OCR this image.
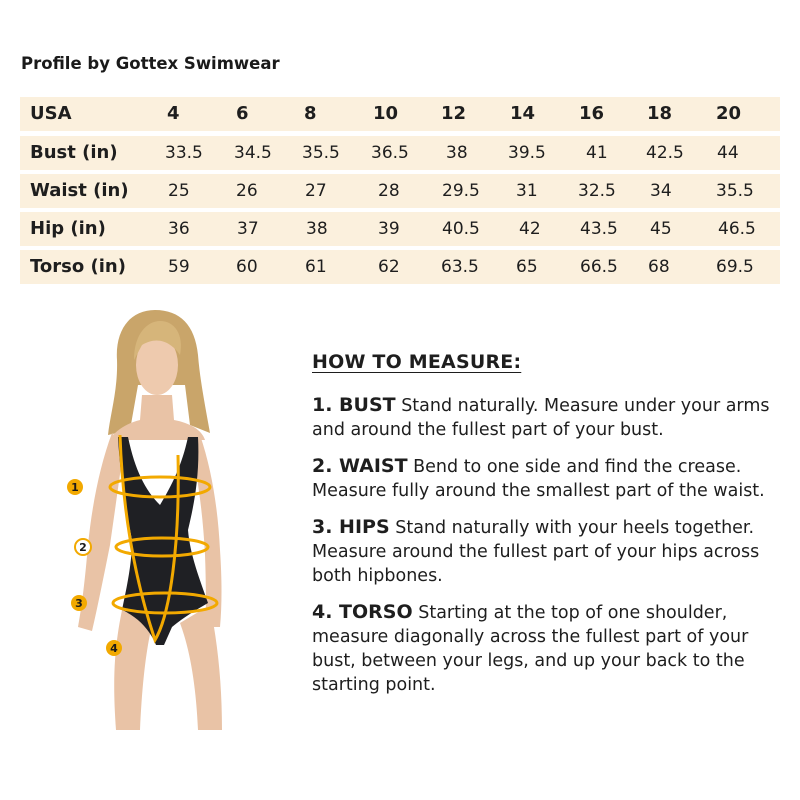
Profile by Gottex Swimwear
USA	4	6	8	10 12 14 16 18 20
Bust (in)	33.5 34.5 35.5 36.5 38 39.5 41 42.5 44
Waist (in) 25	26	27	28 29.5 31 32.5 34	35.5
Hip (in)	36	37	38	39 40.5 42 43.5 45	46.5
Torso (in) 59	60	61	62 63.5 65 66.5 68	69.5
1
2
3
4
HOW TO MEASURE:

1. BUST Stand naturally. Measure under your arms and around the fullest part of your bust.

2. WAIST Bend to one side and find the crease. Measure fully around the smallest part of the waist.

3. HIPS Stand naturally with your heels together. Measure around the fullest part of your hips across both hipbones.

4. TORSO Starting at the top of one shoulder, measure diagonally across the fullest part of your bust, between your legs, and up your back to the starting point.
